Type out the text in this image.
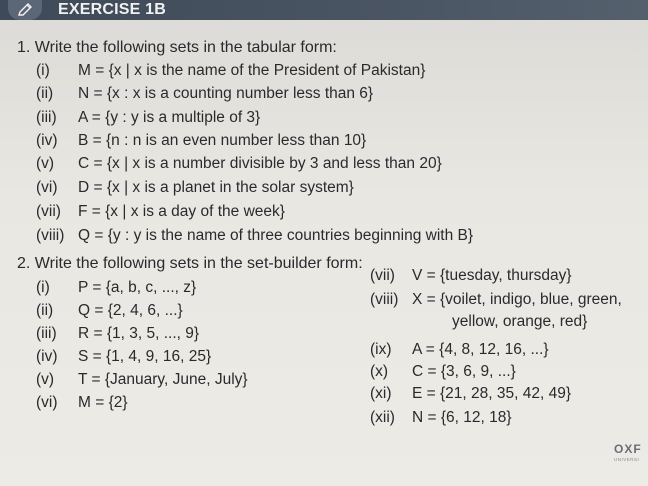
EXERCISE 1B
1. Write the following sets in the tabular form:
(i) M = {x | x is the name of the President of Pakistan}
(ii) N = {x : x is a counting number less than 6}
(iii) A = {y : y is a multiple of 3}
(iv) B = {n : n is an even number less than 10}
(v) C = {x | x is a number divisible by 3 and less than 20}
(vi) D = {x | x is a planet in the solar system}
(vii) F = {x | x is a day of the week}
(viii) Q = {y : y is the name of three countries beginning with B}
2. Write the following sets in the set-builder form:
(i) P = {a, b, c, ..., z}
(ii) Q = {2, 4, 6, ...}
(iii) R = {1, 3, 5, ..., 9}
(iv) S = {1, 4, 9, 16, 25}
(v) T = {January, June, July}
(vi) M = {2}
(vii) V = {tuesday, thursday}
(viii) X = {voilet, indigo, blue, green,
yellow, orange, red}
(ix) A = {4, 8, 12, 16, ...}
(x) C = {3, 6, 9, ...}
(xi) E = {21, 28, 35, 42, 49}
(xii) N = {6, 12, 18}
OXF
UNIVERSI
